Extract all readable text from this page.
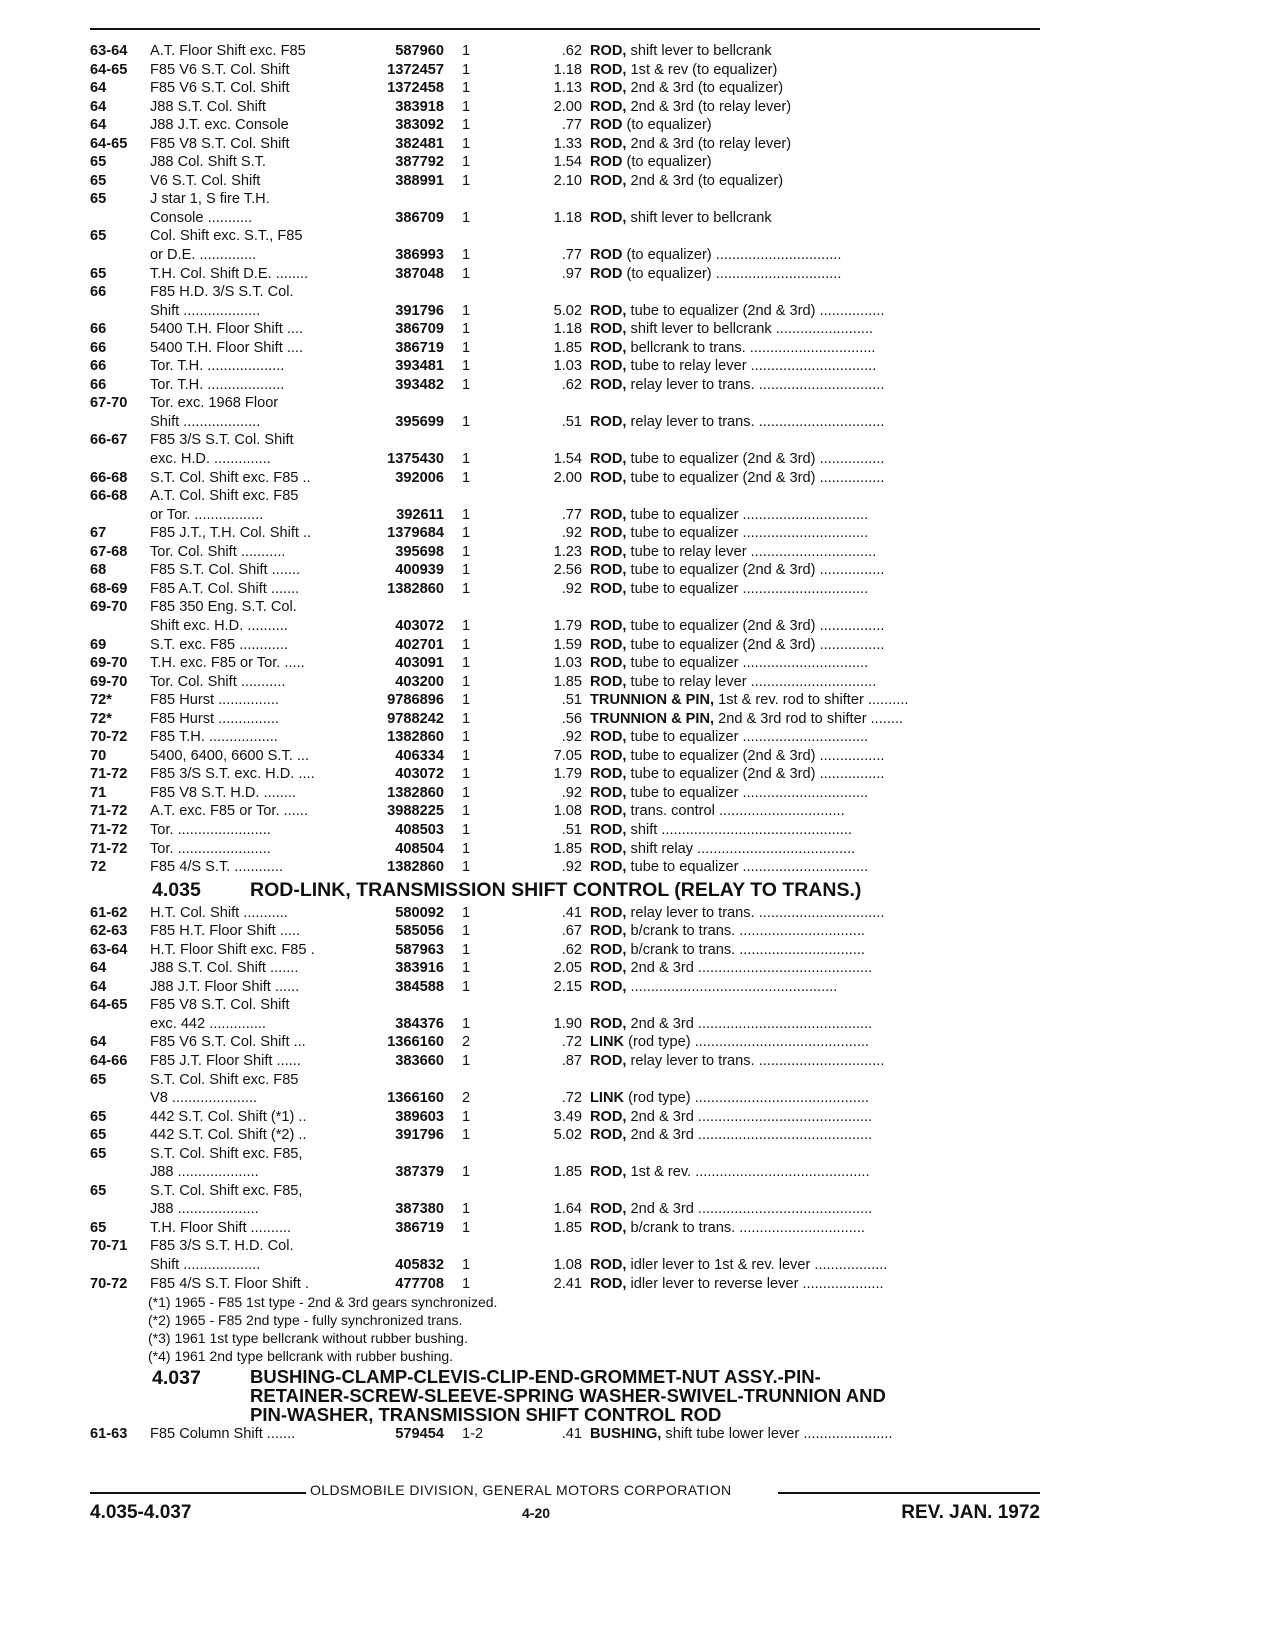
63-64 A.T. Floor Shift exc. F85	587960 1	.62 ROD, shift lever to bellcrank
64-65 F85 V6 S.T. Col. Shift	1372457 1	1.18 ROD, 1st & rev (to equalizer)
64	F85 V6 S.T. Col. Shift	1372458 1	1.13 ROD, 2nd & 3rd (to equalizer)
64	J88 S.T. Col. Shift	383918 1	2.00 ROD, 2nd & 3rd (to relay lever)
64	J88 J.T. exc. Console	383092 1	.77 ROD (to equalizer)
64-65 F85 V8 S.T. Col. Shift	382481 1	1.33 ROD, 2nd & 3rd (to relay lever)
65	J88 Col. Shift S.T.	387792 1	1.54 ROD (to equalizer)
65	V6 S.T. Col. Shift	388991 1	2.10 ROD, 2nd & 3rd (to equalizer)
65	J star 1, S fire T.H.
Console ...........	386709 1	1.18 ROD, shift lever to bellcrank
65	Col. Shift exc. S.T., F85
or D.E. ..............	386993 1	.77 ROD (to equalizer) ...............................
65	T.H. Col. Shift D.E. ........	387048 1	.97 ROD (to equalizer) ...............................
66	F85 H.D. 3/S S.T. Col.
Shift ...................	391796 1	5.02 ROD, tube to equalizer (2nd & 3rd) ................
66	5400 T.H. Floor Shift ....	386709 1	1.18 ROD, shift lever to bellcrank ........................
66	5400 T.H. Floor Shift ....	386719 1	1.85 ROD, bellcrank to trans. ...............................
66	Tor. T.H. ...................	393481 1	1.03 ROD, tube to relay lever ...............................
66	Tor. T.H. ...................	393482 1	.62 ROD, relay lever to trans. ...............................
67-70 Tor. exc. 1968 Floor
Shift ...................	395699 1	.51 ROD, relay lever to trans. ...............................
66-67 F85 3/S S.T. Col. Shift
exc. H.D. ..............	1375430 1	1.54 ROD, tube to equalizer (2nd & 3rd) ................
66-68 S.T. Col. Shift exc. F85 ..	392006 1	2.00 ROD, tube to equalizer (2nd & 3rd) ................
66-68 A.T. Col. Shift exc. F85
or Tor. .................	392611 1	.77 ROD, tube to equalizer ...............................
67	F85 J.T., T.H. Col. Shift ..	1379684 1	.92 ROD, tube to equalizer ...............................
67-68 Tor. Col. Shift ...........	395698 1	1.23 ROD, tube to relay lever ...............................
68	F85 S.T. Col. Shift .......	400939 1	2.56 ROD, tube to equalizer (2nd & 3rd) ................
68-69 F85 A.T. Col. Shift .......	1382860 1	.92 ROD, tube to equalizer ...............................
69-70 F85 350 Eng. S.T. Col.
Shift exc. H.D. ..........	403072 1	1.79 ROD, tube to equalizer (2nd & 3rd) ................
69	S.T. exc. F85 ............	402701 1	1.59 ROD, tube to equalizer (2nd & 3rd) ................
69-70 T.H. exc. F85 or Tor. .....	403091 1	1.03 ROD, tube to equalizer ...............................
69-70 Tor. Col. Shift ...........	403200 1	1.85 ROD, tube to relay lever ...............................
72*	F85 Hurst ...............	9786896 1	.51 TRUNNION & PIN, 1st & rev. rod to shifter ..........
72*	F85 Hurst ...............	9788242 1	.56 TRUNNION & PIN, 2nd & 3rd rod to shifter ........
70-72 F85 T.H. .................	1382860 1	.92 ROD, tube to equalizer ...............................
70	5400, 6400, 6600 S.T. ...	406334 1	7.05 ROD, tube to equalizer (2nd & 3rd) ................
71-72 F85 3/S S.T. exc. H.D. ....	403072 1	1.79 ROD, tube to equalizer (2nd & 3rd) ................
71	F85 V8 S.T. H.D. ........	1382860 1	.92 ROD, tube to equalizer ...............................
71-72 A.T. exc. F85 or Tor. ......	3988225 1	1.08 ROD, trans. control ...............................
71-72 Tor. .......................	408503 1	.51 ROD, shift ...............................................
71-72 Tor. .......................	408504 1	1.85 ROD, shift relay .......................................
72	F85 4/S S.T. ............	1382860 1	.92 ROD, tube to equalizer ...............................
4.035	ROD-LINK, TRANSMISSION SHIFT CONTROL (RELAY TO TRANS.)
61-62 H.T. Col. Shift ...........	580092 1	.41 ROD, relay lever to trans. ...............................
62-63 F85 H.T. Floor Shift .....	585056 1	.67 ROD, b/crank to trans. ...............................
63-64 H.T. Floor Shift exc. F85 .	587963 1	.62 ROD, b/crank to trans. ...............................
64	J88 S.T. Col. Shift .......	383916 1	2.05 ROD, 2nd & 3rd ...........................................
64	J88 J.T. Floor Shift ......	384588 1	2.15 ROD, ...................................................
64-65 F85 V8 S.T. Col. Shift
exc. 442 ..............	384376 1	1.90 ROD, 2nd & 3rd ...........................................
64	F85 V6 S.T. Col. Shift ...	1366160 2	.72 LINK (rod type) ...........................................
64-66 F85 J.T. Floor Shift ......	383660 1	.87 ROD, relay lever to trans. ...............................
65	S.T. Col. Shift exc. F85
V8 .....................	1366160 2	.72 LINK (rod type) ...........................................
65	442 S.T. Col. Shift (*1) ..	389603 1	3.49 ROD, 2nd & 3rd ...........................................
65	442 S.T. Col. Shift (*2) ..	391796 1	5.02 ROD, 2nd & 3rd ...........................................
65	S.T. Col. Shift exc. F85,
J88 ....................	387379 1	1.85 ROD, 1st & rev. ...........................................
65	S.T. Col. Shift exc. F85,
J88 ....................	387380 1	1.64 ROD, 2nd & 3rd ...........................................
65	T.H. Floor Shift ..........	386719 1	1.85 ROD, b/crank to trans. ...............................
70-71 F85 3/S S.T. H.D. Col.
Shift ...................	405832 1	1.08 ROD, idler lever to 1st & rev. lever ..................
70-72 F85 4/S S.T. Floor Shift .	477708 1	2.41 ROD, idler lever to reverse lever ....................
(*1) 1965 - F85 1st type - 2nd & 3rd gears synchronized.
(*2) 1965 - F85 2nd type - fully synchronized trans.
(*3) 1961 1st type bellcrank without rubber bushing.
(*4) 1961 2nd type bellcrank with rubber bushing.
4.037	BUSHING-CLAMP-CLEVIS-CLIP-END-GROMMET-NUT ASSY.-PIN-
RETAINER-SCREW-SLEEVE-SPRING WASHER-SWIVEL-TRUNNION AND
PIN-WASHER, TRANSMISSION SHIFT CONTROL ROD
61-63 F85 Column Shift .......	579454 1-2	.41 BUSHING, shift tube lower lever ......................
OLDSMOBILE DIVISION, GENERAL MOTORS CORPORATION
4.035-4.037	4-20	REV. JAN. 1972
